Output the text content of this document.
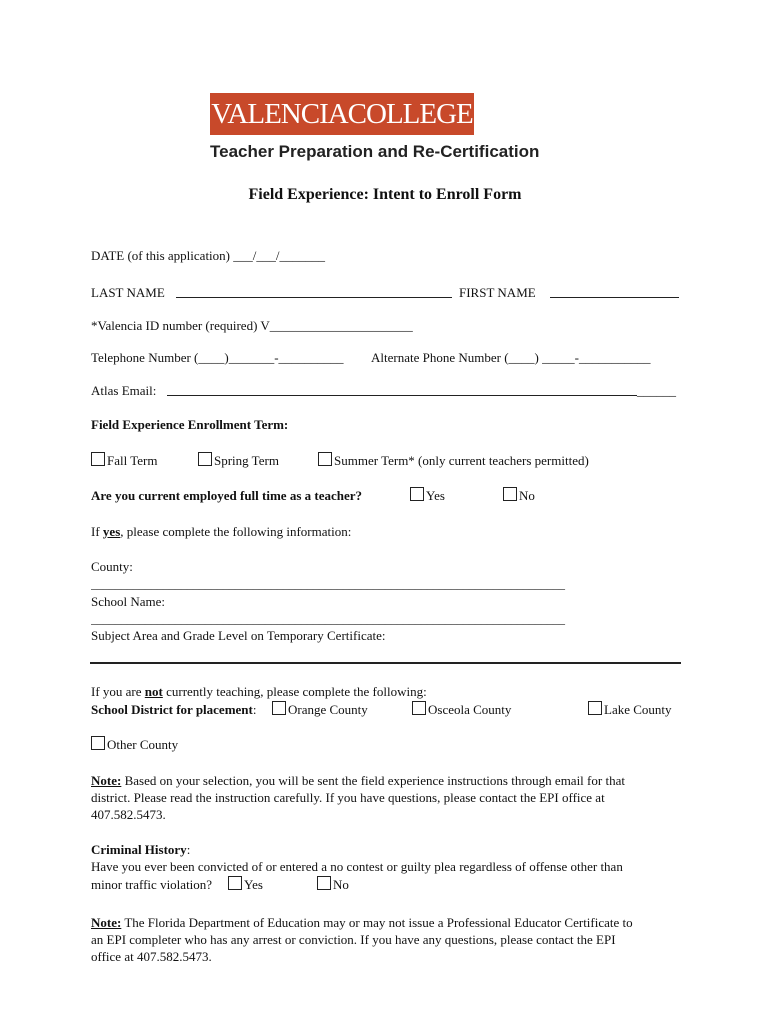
VALENCIACOLLEGE
Teacher Preparation and Re-Certification
Field Experience: Intent to Enroll Form
DATE (of this application) ___/___/_______
LAST NAME	FIRST NAME
*Valencia ID number (required) V______________________
Telephone Number (____)_______-__________ Alternate Phone Number (____) _____-___________
Atlas Email:	______
Field Experience Enrollment Term:
Fall Term	Spring Term	Summer Term* (only current teachers permitted)
Are you current employed full time as a teacher?	Yes	No
If yes, please complete the following information:
County:
_______________________________________________________________________________
School Name:
_______________________________________________________________________________
Subject Area and Grade Level on Temporary Certificate:
If you are not currently teaching, please complete the following:
School District for placement:	Orange County	Osceola County	Lake County
Other County
Note: Based on your selection, you will be sent the field experience instructions through email for that
district. Please read the instruction carefully. If you have questions, please contact the EPI office at
407.582.5473.
Criminal History:
Have you ever been convicted of or entered a no contest or guilty plea regardless of offense other than
minor traffic violation?	Yes	No
Note: The Florida Department of Education may or may not issue a Professional Educator Certificate to
an EPI completer who has any arrest or conviction. If you have any questions, please contact the EPI
office at 407.582.5473.
